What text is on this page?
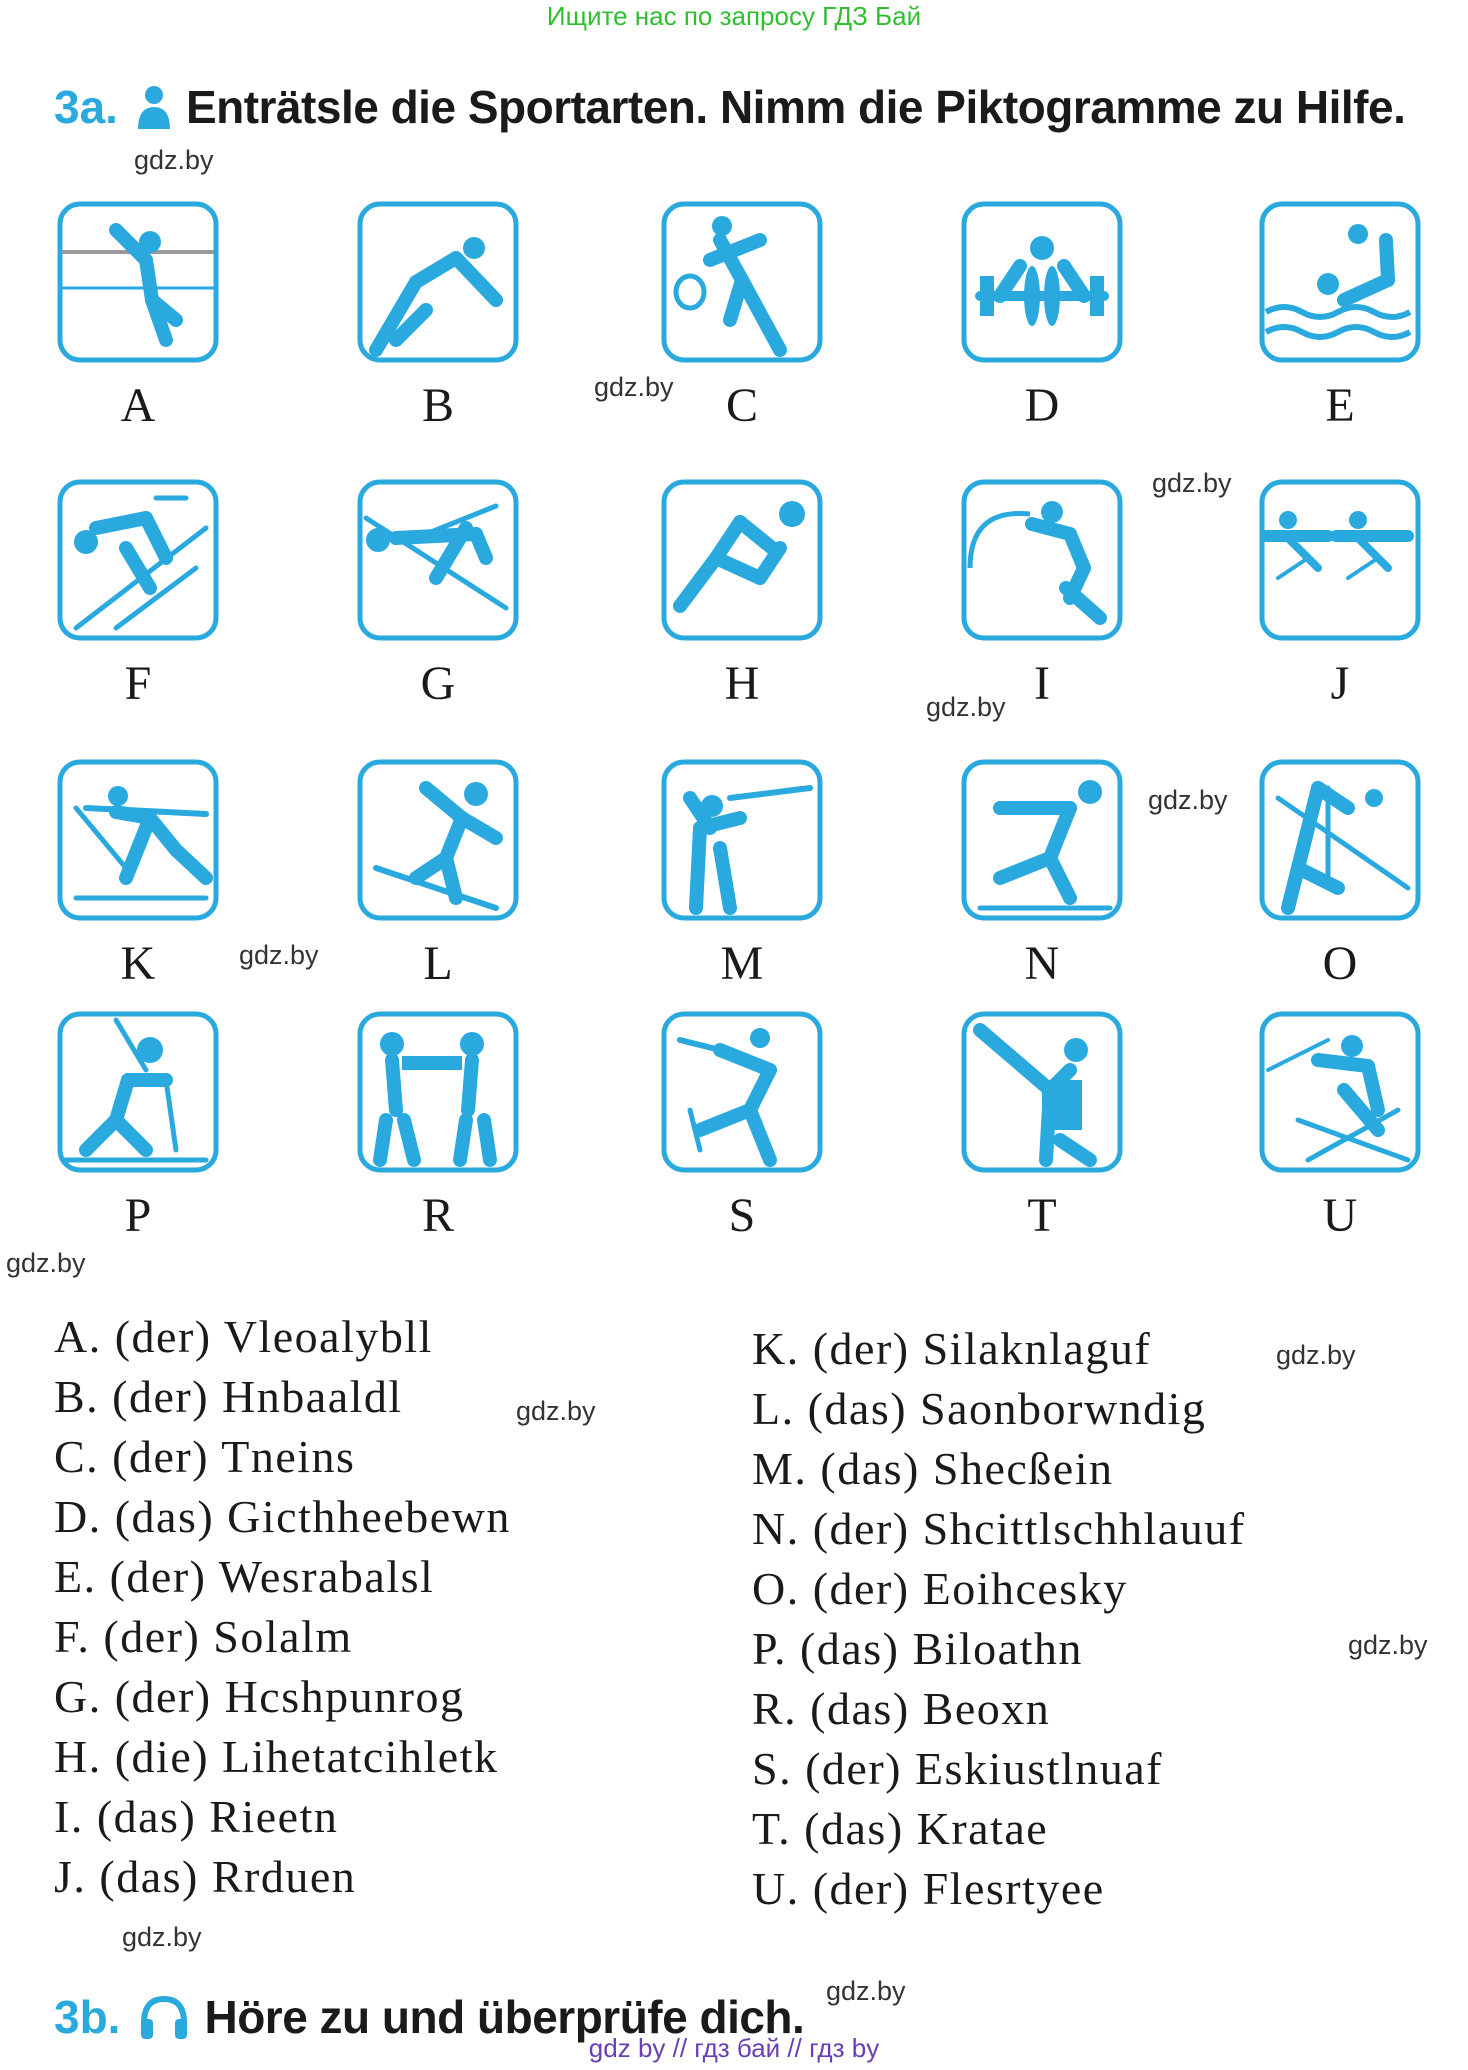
Ищите нас по запросу ГДЗ Бай
3a. Enträtsle die Sportarten. Nimm die Piktogramme zu Hilfe.
A	B	C	D	E
F	G	H	I	J
K	L	M	N	O
P	R	S	T	U
A. (der) Vleoalybll
B. (der) Hnbaaldl
C. (der) Tneins
D. (das) Gicthheebewn
E. (der) Wesrabalsl
F. (der) Solalm
G. (der) Hcshpunrog
H. (die) Lihetatcihletk
I. (das) Rieetn
J. (das) Rrduen
K. (der) Silaknlaguf
L. (das) Saonborwndig
M. (das) Shecßein
N. (der) Shcittlschhlauuf
O. (der) Eoihcesky
P. (das) Biloathn
R. (das) Beoxn
S. (der) Eskiustlnuaf
T. (das) Kratae
U. (der) Flesrtyee
3b. Höre zu und überprüfe dich.
gdz.by
gdz.by
gdz.by
gdz.by
gdz.by
gdz.by
gdz.by
gdz.by
gdz.by
gdz.by
gdz.by
gdz.by
gdz by // гдз бай // гдз by
